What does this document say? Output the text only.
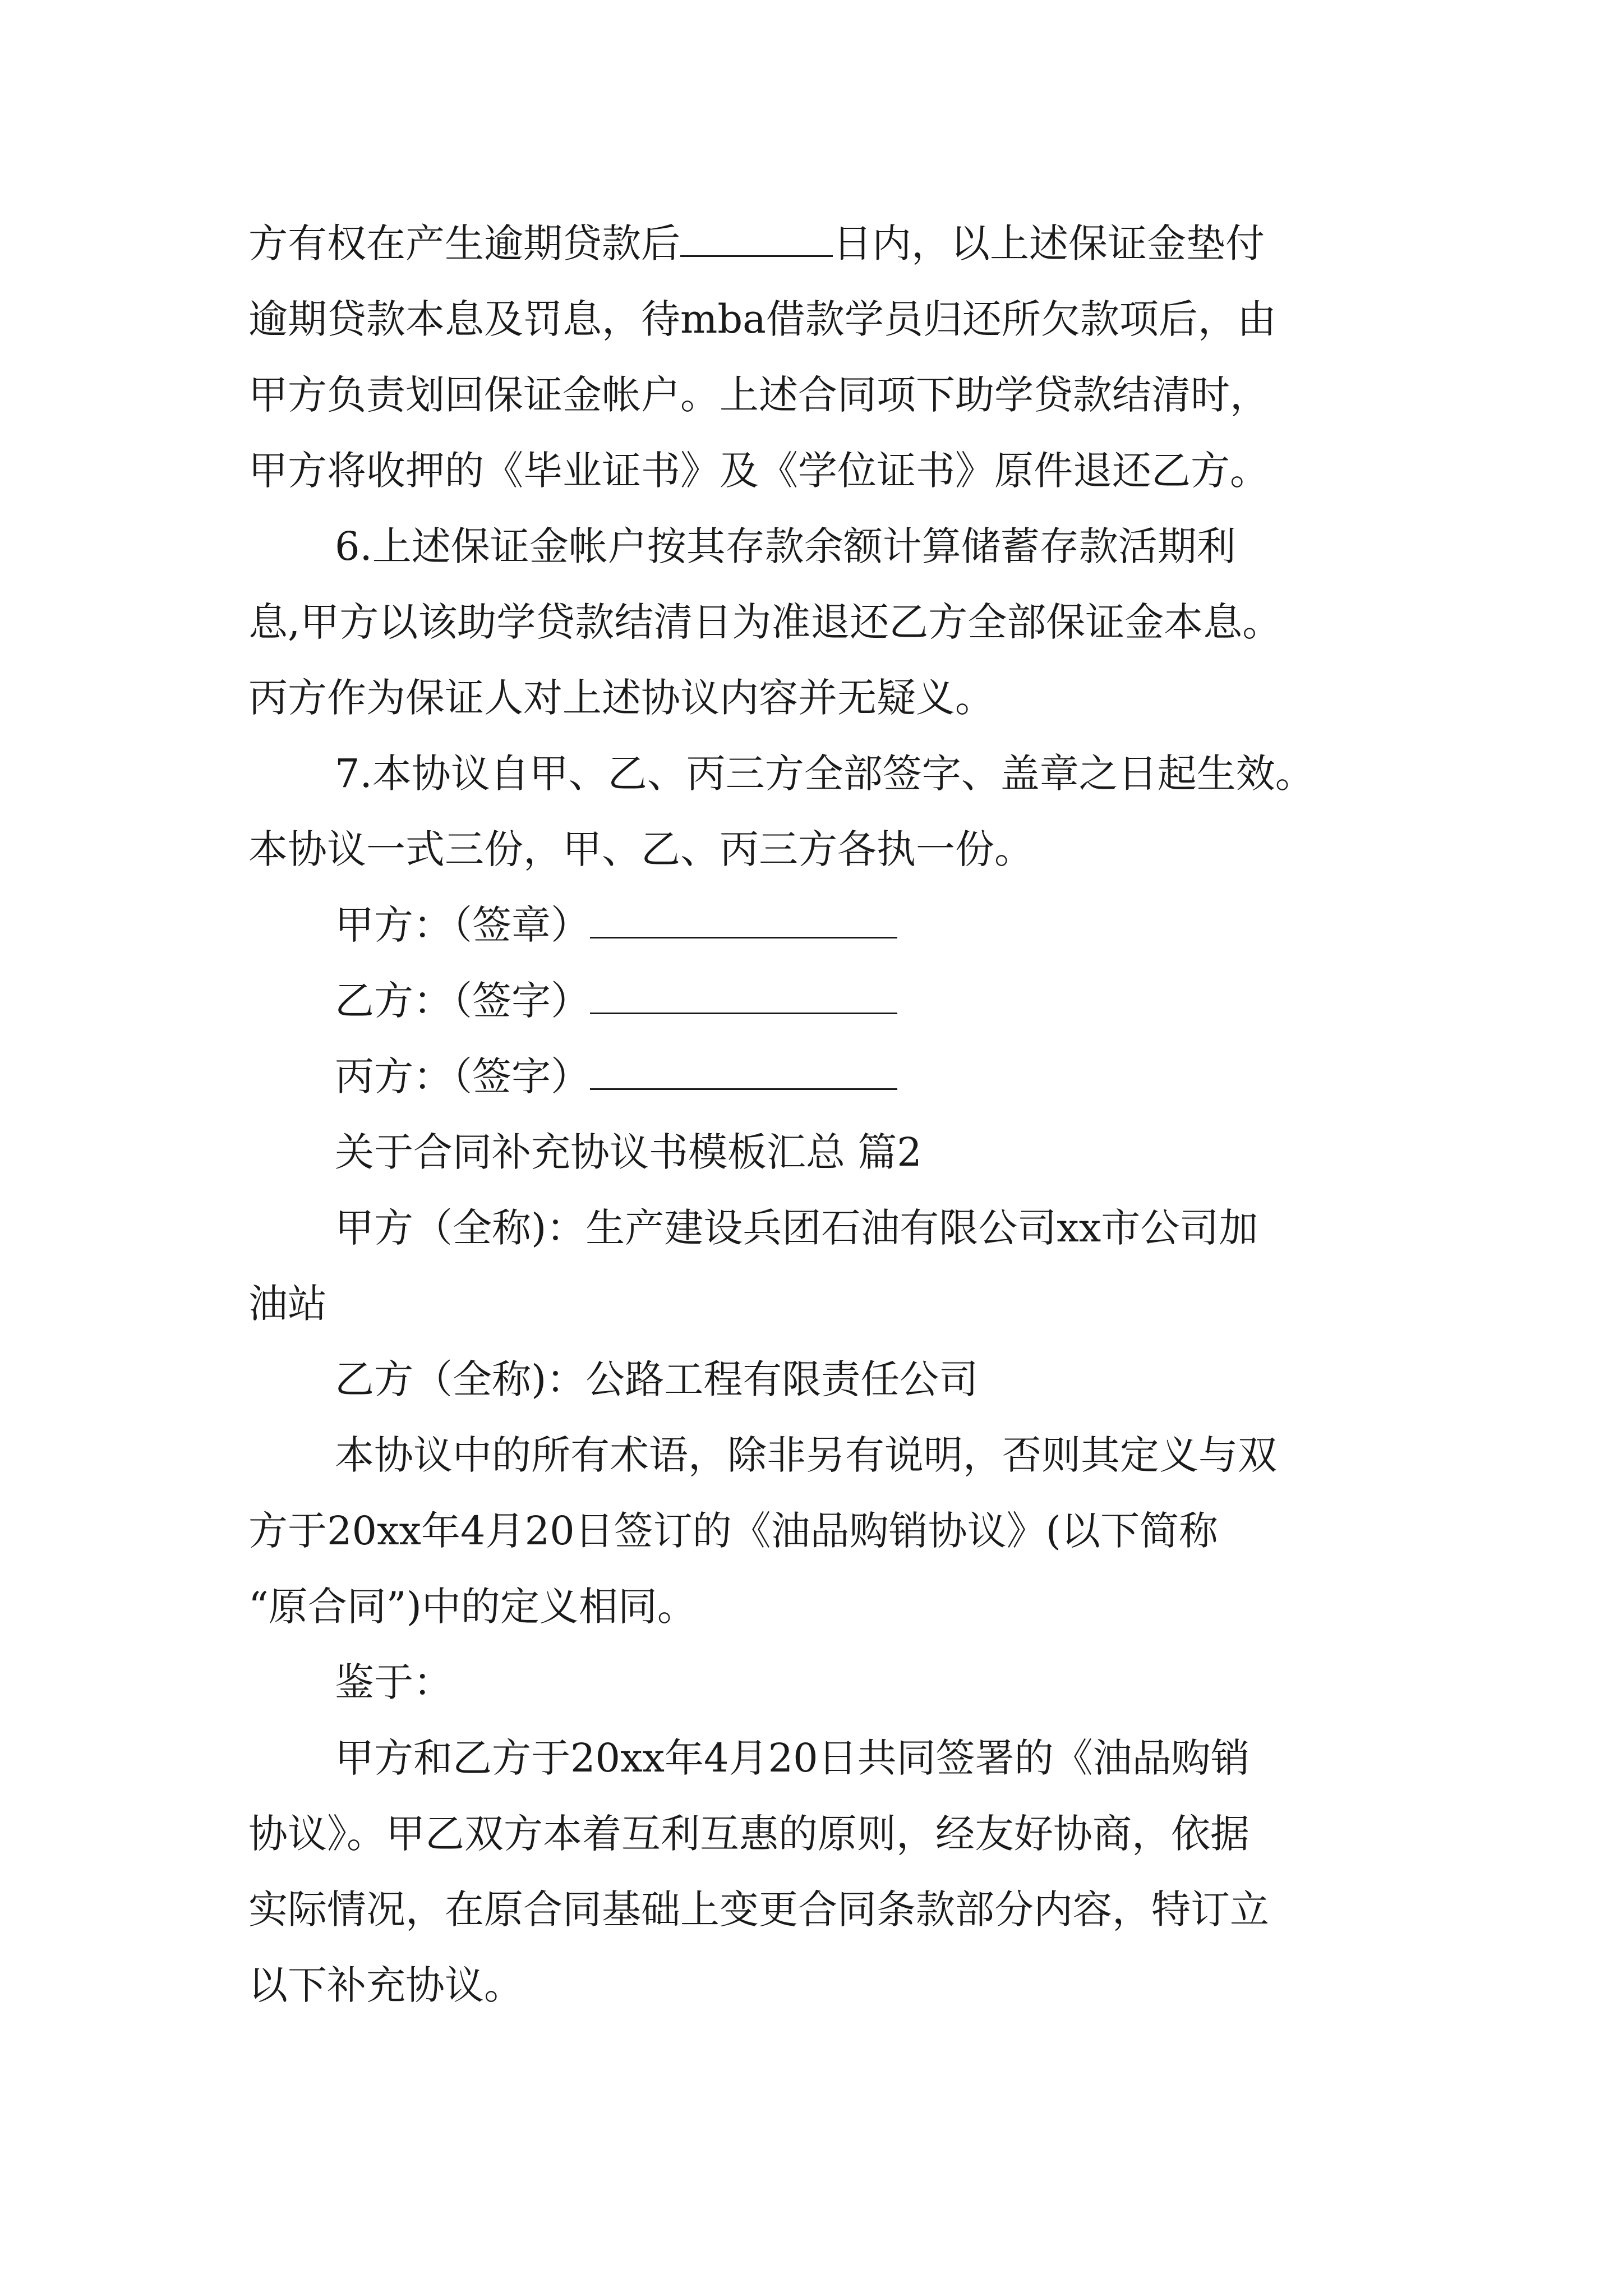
方有权在产生逾期贷款后	日内，以上述保证金垫付
逾期贷款本息及罚息，待mba借款学员归还所欠款项后，由
甲方负责划回保证金帐户。上述合同项下助学贷款结清时，
甲方将收押的《毕业证书》及《学位证书》原件退还乙方。
6.上述保证金帐户按其存款余额计算储蓄存款活期利
息,甲方以该助学贷款结清日为准退还乙方全部保证金本息。
丙方作为保证人对上述协议内容并无疑义。
7.本协议自甲、乙、丙三方全部签字、盖章之日起生效。
本协议一式三份，甲、乙、丙三方各执一份。
甲方：（签章）
乙方：（签字）
丙方：（签字）
关于合同补充协议书模板汇总 篇2
甲方（全称)：生产建设兵团石油有限公司xx市公司加
油站
乙方（全称)：公路工程有限责任公司
本协议中的所有术语，除非另有说明，否则其定义与双
方于20xx年4月20日签订的《油品购销协议》(以下简称
“原合同”)中的定义相同。
鉴于：
甲方和乙方于20xx年4月20日共同签署的《油品购销
协议》。甲乙双方本着互利互惠的原则，经友好协商，依据
实际情况，在原合同基础上变更合同条款部分内容，特订立
以下补充协议。
